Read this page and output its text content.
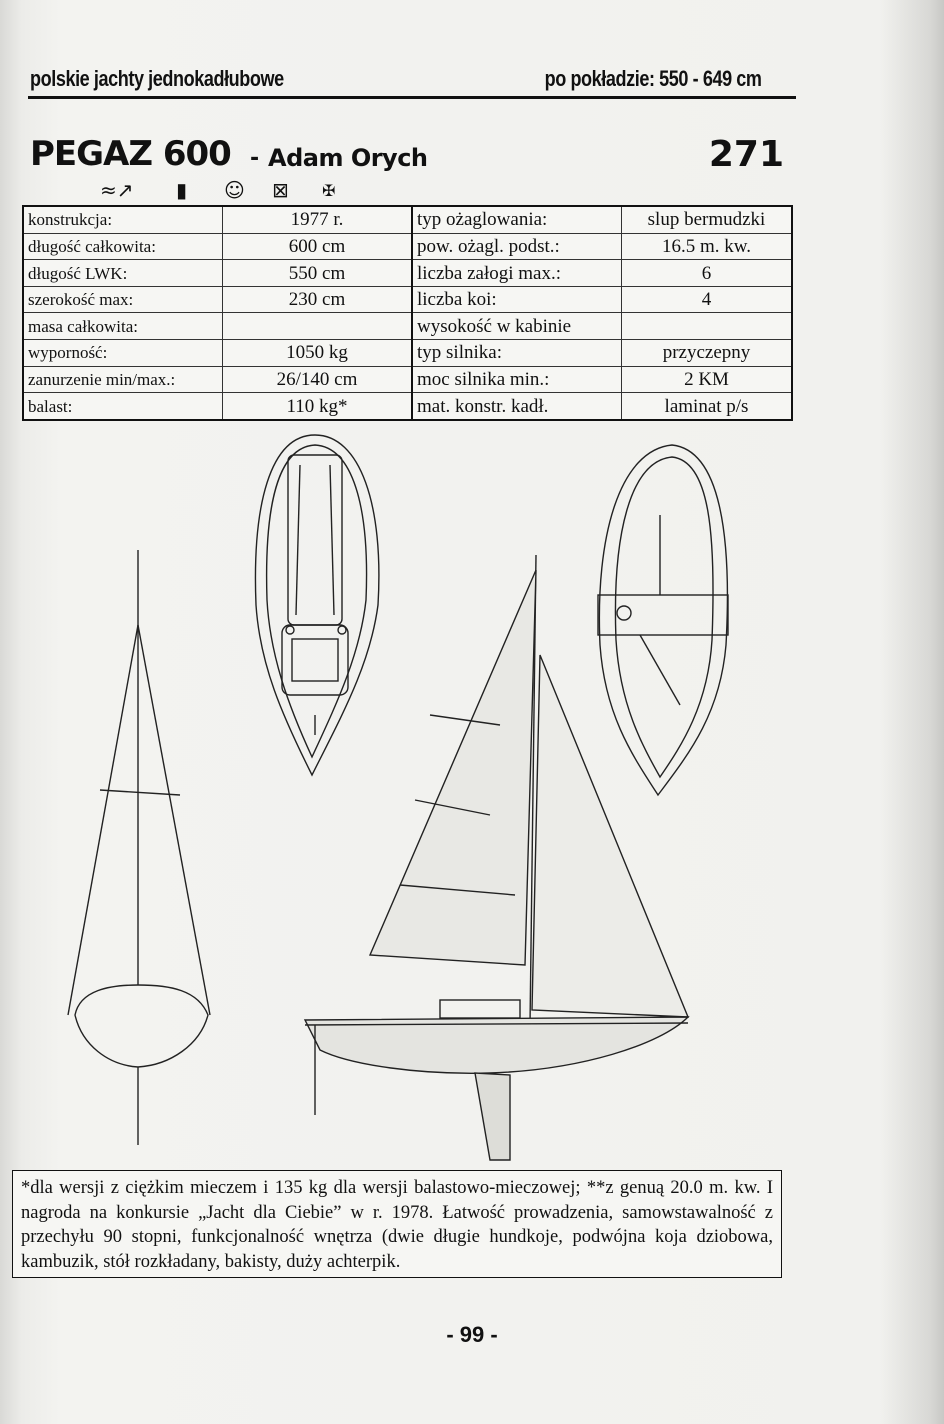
polskie jachty jednokadłubowe	po pokładzie: 550 - 649 cm
PEGAZ 600 - Adam Orych	271
≈↗ ▮ ☺ ⊠ ✠
konstrukcja:	1977 r.	typ ożaglowania:	slup bermudzki
długość całkowita:	600 cm	pow. ożagl. podst.:	16.5 m. kw.
długość LWK:	550 cm	liczba załogi max.:	6
szerokość max:	230 cm	liczba koi:	4
masa całkowita:		wysokość w kabinie	
wyporność:	1050 kg	typ silnika:	przyczepny
zanurzenie min/max.:	26/140 cm	moc silnika min.:	2 KM
balast:	110 kg*	mat. konstr. kadł.	laminat p/s
*dla wersji z ciężkim mieczem i 135 kg dla wersji balastowo-mieczowej; **z genuą 20.0 m. kw. I nagroda na konkursie „Jacht dla Ciebie” w r. 1978. Łatwość prowadzenia, samowstawalność z przechyłu 90 stopni, funkcjonalność wnętrza (dwie długie hundkoje, podwójna koja dziobowa, kambuzik, stół rozkładany, bakisty, duży achterpik.
- 99 -
